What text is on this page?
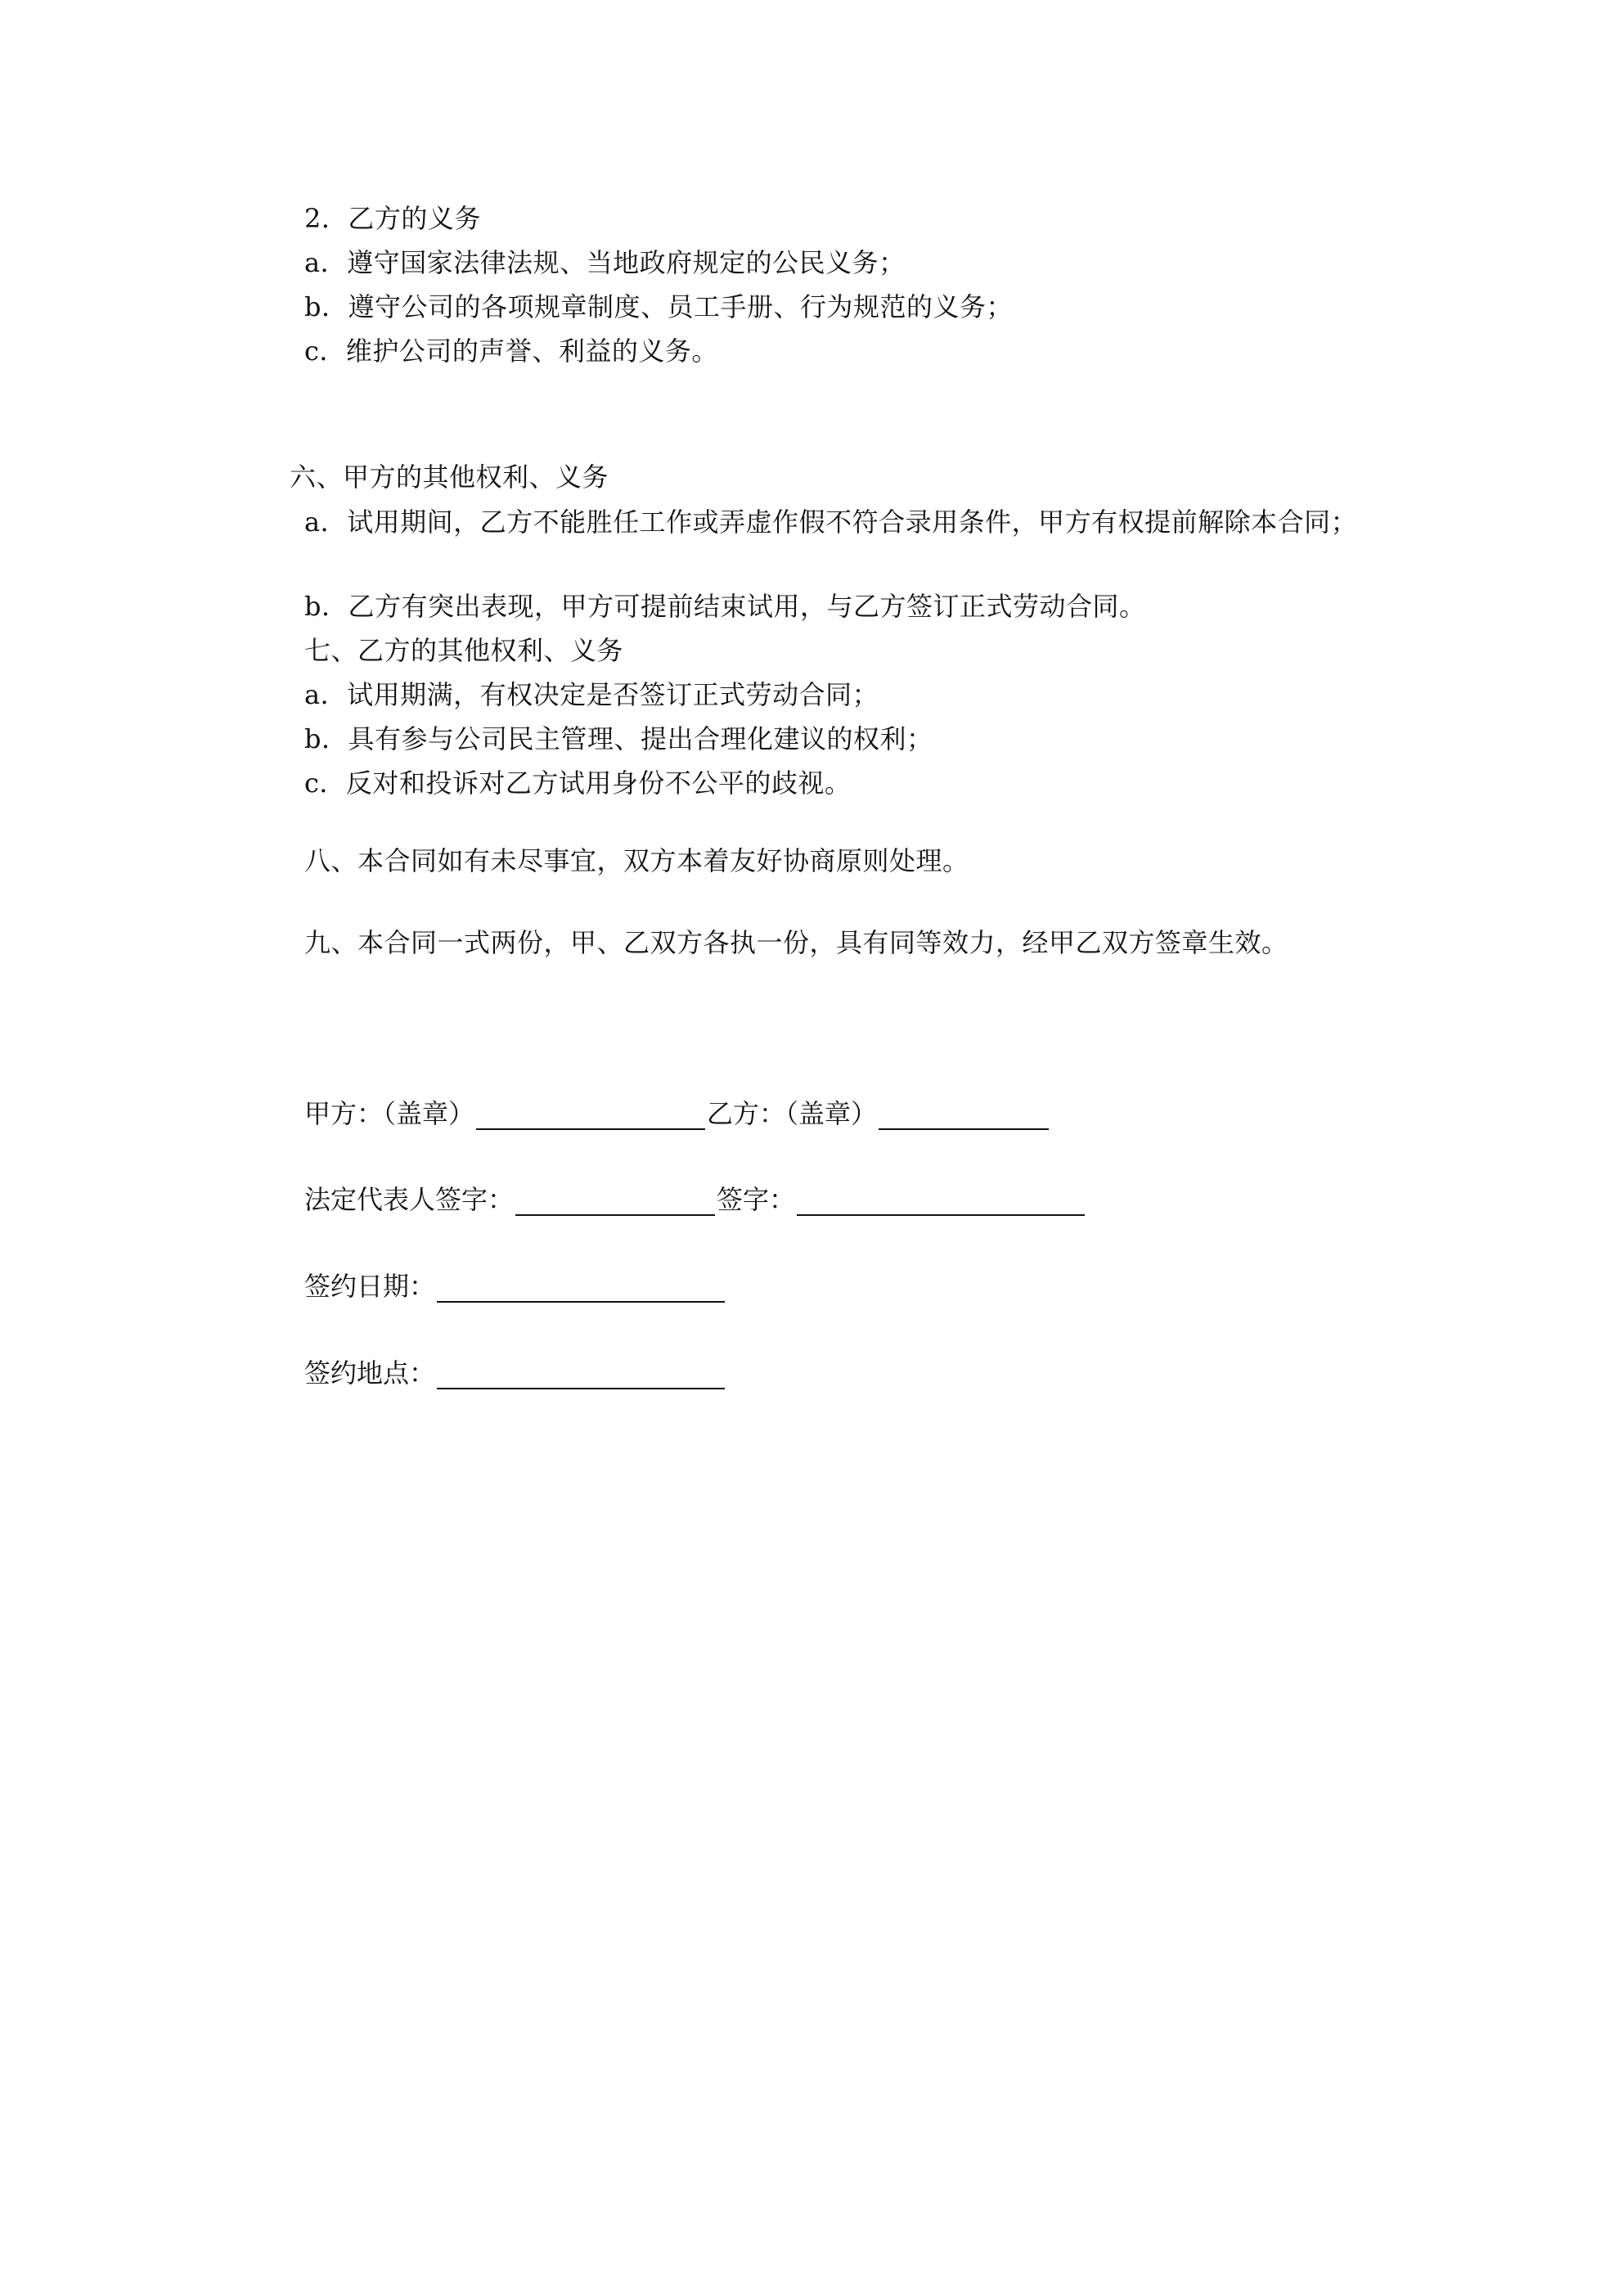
2．乙方的义务
a．遵守国家法律法规、当地政府规定的公民义务；
b．遵守公司的各项规章制度、员工手册、行为规范的义务；
c．维护公司的声誉、利益的义务。
六、甲方的其他权利、义务
a．试用期间，乙方不能胜任工作或弄虚作假不符合录用条件，甲方有权提前解除本合同；
b．乙方有突出表现，甲方可提前结束试用，与乙方签订正式劳动合同。
七、乙方的其他权利、义务
a．试用期满，有权决定是否签订正式劳动合同；
b．具有参与公司民主管理、提出合理化建议的权利；
c．反对和投诉对乙方试用身份不公平的歧视。
八、本合同如有未尽事宜，双方本着友好协商原则处理。
九、本合同一式两份，甲、乙双方各执一份，具有同等效力，经甲乙双方签章生效。
甲方：（盖章）	乙方：（盖章）
法定代表人签字：	签字：
签约日期：
签约地点：
